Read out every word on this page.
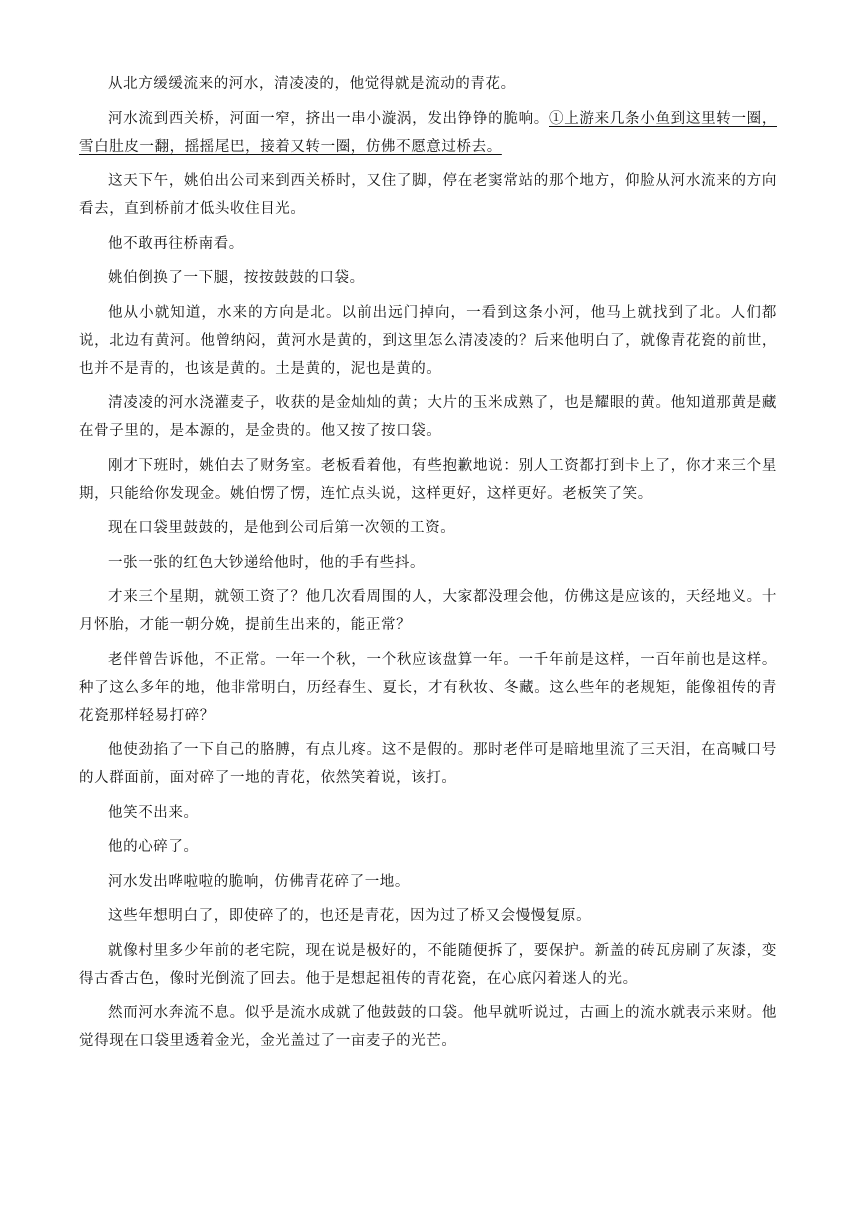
从北方缓缓流来的河水，清凌凌的，他觉得就是流动的青花。

河水流到西关桥，河面一窄，挤出一串小漩涡，发出铮铮的脆响。①上游来几条小鱼到这里转一圈，雪白肚皮一翻，摇摇尾巴，接着又转一圈，仿佛不愿意过桥去。

这天下午，姚伯出公司来到西关桥时，又住了脚，停在老窦常站的那个地方，仰脸从河水流来的方向看去，直到桥前才低头收住目光。

他不敢再往桥南看。

姚伯倒换了一下腿，按按鼓鼓的口袋。

他从小就知道，水来的方向是北。以前出远门掉向，一看到这条小河，他马上就找到了北。人们都说，北边有黄河。他曾纳闷，黄河水是黄的，到这里怎么清凌凌的？后来他明白了，就像青花瓷的前世，也并不是青的，也该是黄的。土是黄的，泥也是黄的。

清凌凌的河水浇灌麦子，收获的是金灿灿的黄；大片的玉米成熟了，也是耀眼的黄。他知道那黄是藏在骨子里的，是本源的，是金贵的。他又按了按口袋。

刚才下班时，姚伯去了财务室。老板看着他，有些抱歉地说：别人工资都打到卡上了，你才来三个星期，只能给你发现金。姚伯愣了愣，连忙点头说，这样更好，这样更好。老板笑了笑。

现在口袋里鼓鼓的，是他到公司后第一次领的工资。

一张一张的红色大钞递给他时，他的手有些抖。

才来三个星期，就领工资了？他几次看周围的人，大家都没理会他，仿佛这是应该的，天经地义。十月怀胎，才能一朝分娩，提前生出来的，能正常？

老伴曾告诉他，不正常。一年一个秋，一个秋应该盘算一年。一千年前是这样，一百年前也是这样。种了这么多年的地，他非常明白，历经春生、夏长，才有秋妆、冬藏。这么些年的老规矩，能像祖传的青花瓷那样轻易打碎？

他使劲掐了一下自己的胳膊，有点儿疼。这不是假的。那时老伴可是暗地里流了三天泪，在高喊口号的人群面前，面对碎了一地的青花，依然笑着说，该打。

他笑不出来。

他的心碎了。

河水发出哗啦啦的脆响，仿佛青花碎了一地。

这些年想明白了，即使碎了的，也还是青花，因为过了桥又会慢慢复原。

就像村里多少年前的老宅院，现在说是极好的，不能随便拆了，要保护。新盖的砖瓦房刷了灰漆，变得古香古色，像时光倒流了回去。他于是想起祖传的青花瓷，在心底闪着迷人的光。

然而河水奔流不息。似乎是流水成就了他鼓鼓的口袋。他早就听说过，古画上的流水就表示来财。他觉得现在口袋里透着金光，金光盖过了一亩麦子的光芒。
